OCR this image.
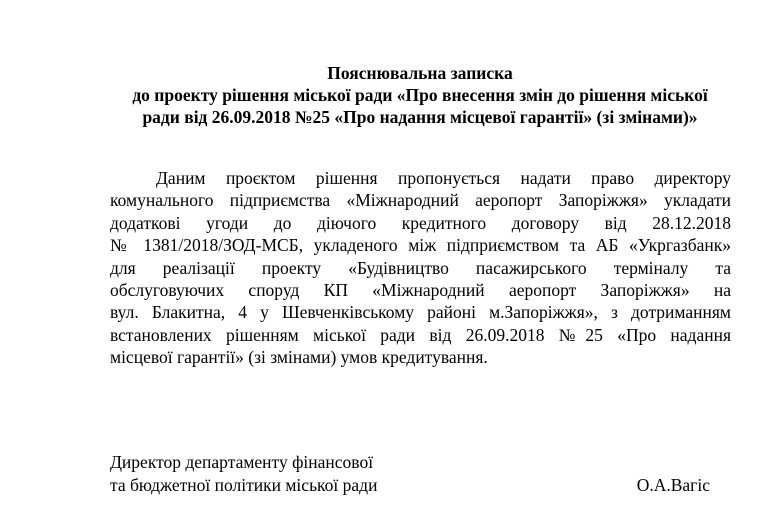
Пояснювальна записка
до проекту рішення міської ради «Про внесення змін до рішення міської
ради від 26.09.2018 №25 «Про надання місцевої гарантії» (зі змінами)»
Даним проєктом рішення пропонується надати право директору
комунального підприємства «Міжнародний аеропорт Запоріжжя» укладати
додаткові угоди до діючого кредитного договору від 28.12.2018
№ 1381/2018/ЗОД-МСБ, укладеного між підприємством та АБ «Укргазбанк»
для реалізації проекту «Будівництво пасажирського терміналу та
обслуговуючих споруд КП «Міжнародний аеропорт Запоріжжя» на
вул. Блакитна, 4 у Шевченківському районі м.Запоріжжя», з дотриманням
встановлених рішенням міської ради від 26.09.2018 №25 «Про надання
місцевої гарантії» (зі змінами) умов кредитування.
Директор департаменту фінансової
та бюджетної політики міської ради	О.А.Вагіс
